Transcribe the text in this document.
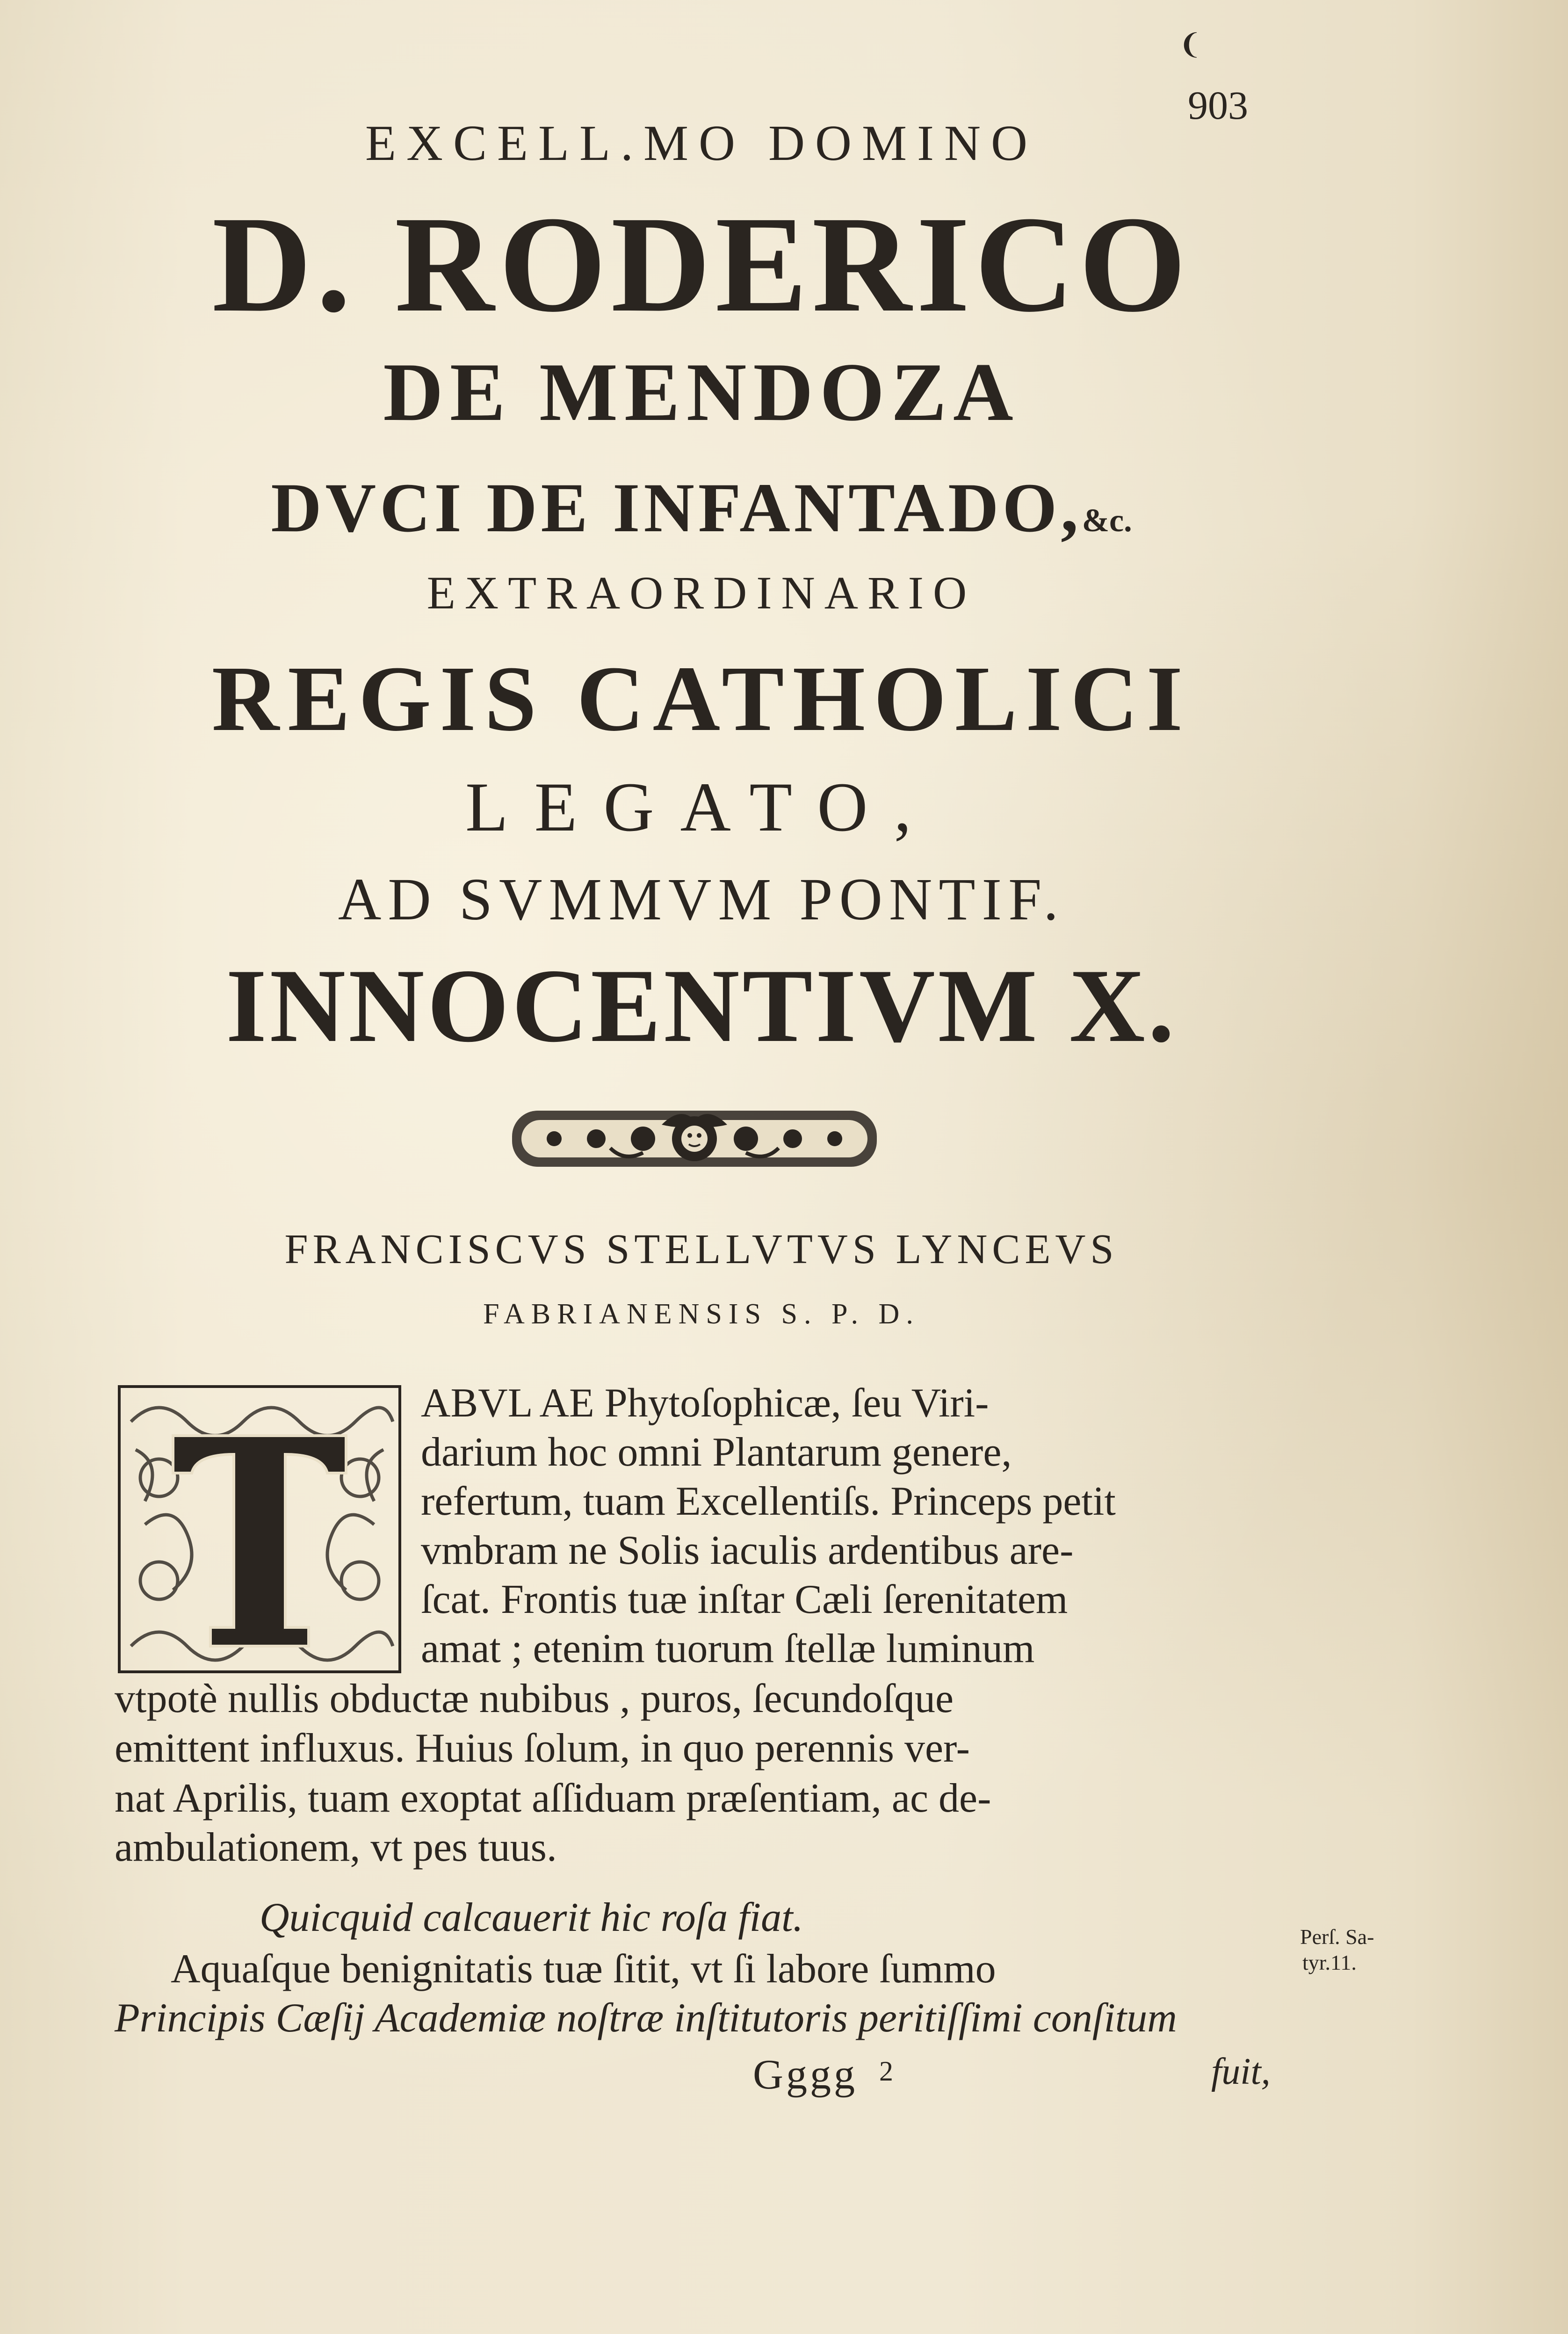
❨
903
EXCELL.MO DOMINO
D. RODERICO
DE MENDOZA
DVCI DE INFANTADO,&c.
EXTRAORDINARIO
REGIS CATHOLICI
LEGATO,
AD SVMMVM PONTIF.
INNOCENTIVM X.
FRANCISCVS STELLVTVS LYNCEVS
FABRIANENSIS S. P. D.
ABVL AE Phytoſophicæ, ſeu Viri-
darium hoc omni Plantarum genere,
refertum, tuam Excellentiſs. Princeps petit
vmbram ne Solis iaculis ardentibus are-
ſcat. Frontis tuæ inſtar Cæli ſerenitatem
amat ; etenim tuorum ſtellæ luminum
vtpotè nullis obductæ nubibus , puros, ſecundoſque
emittent influxus. Huius ſolum, in quo perennis ver-
nat Aprilis, tuam exoptat aſſiduam præſentiam, ac de-
ambulationem, vt pes tuus.
Quicquid calcauerit hic roſa fiat.
Aquaſque benignitatis tuæ ſitit, vt ſi labore ſummo
Principis Cæſij Academiæ noſtræ inſtitutoris peritiſſimi conſitum
Gggg 2	fuit,
Perſ. Sa-
tyr.11.
